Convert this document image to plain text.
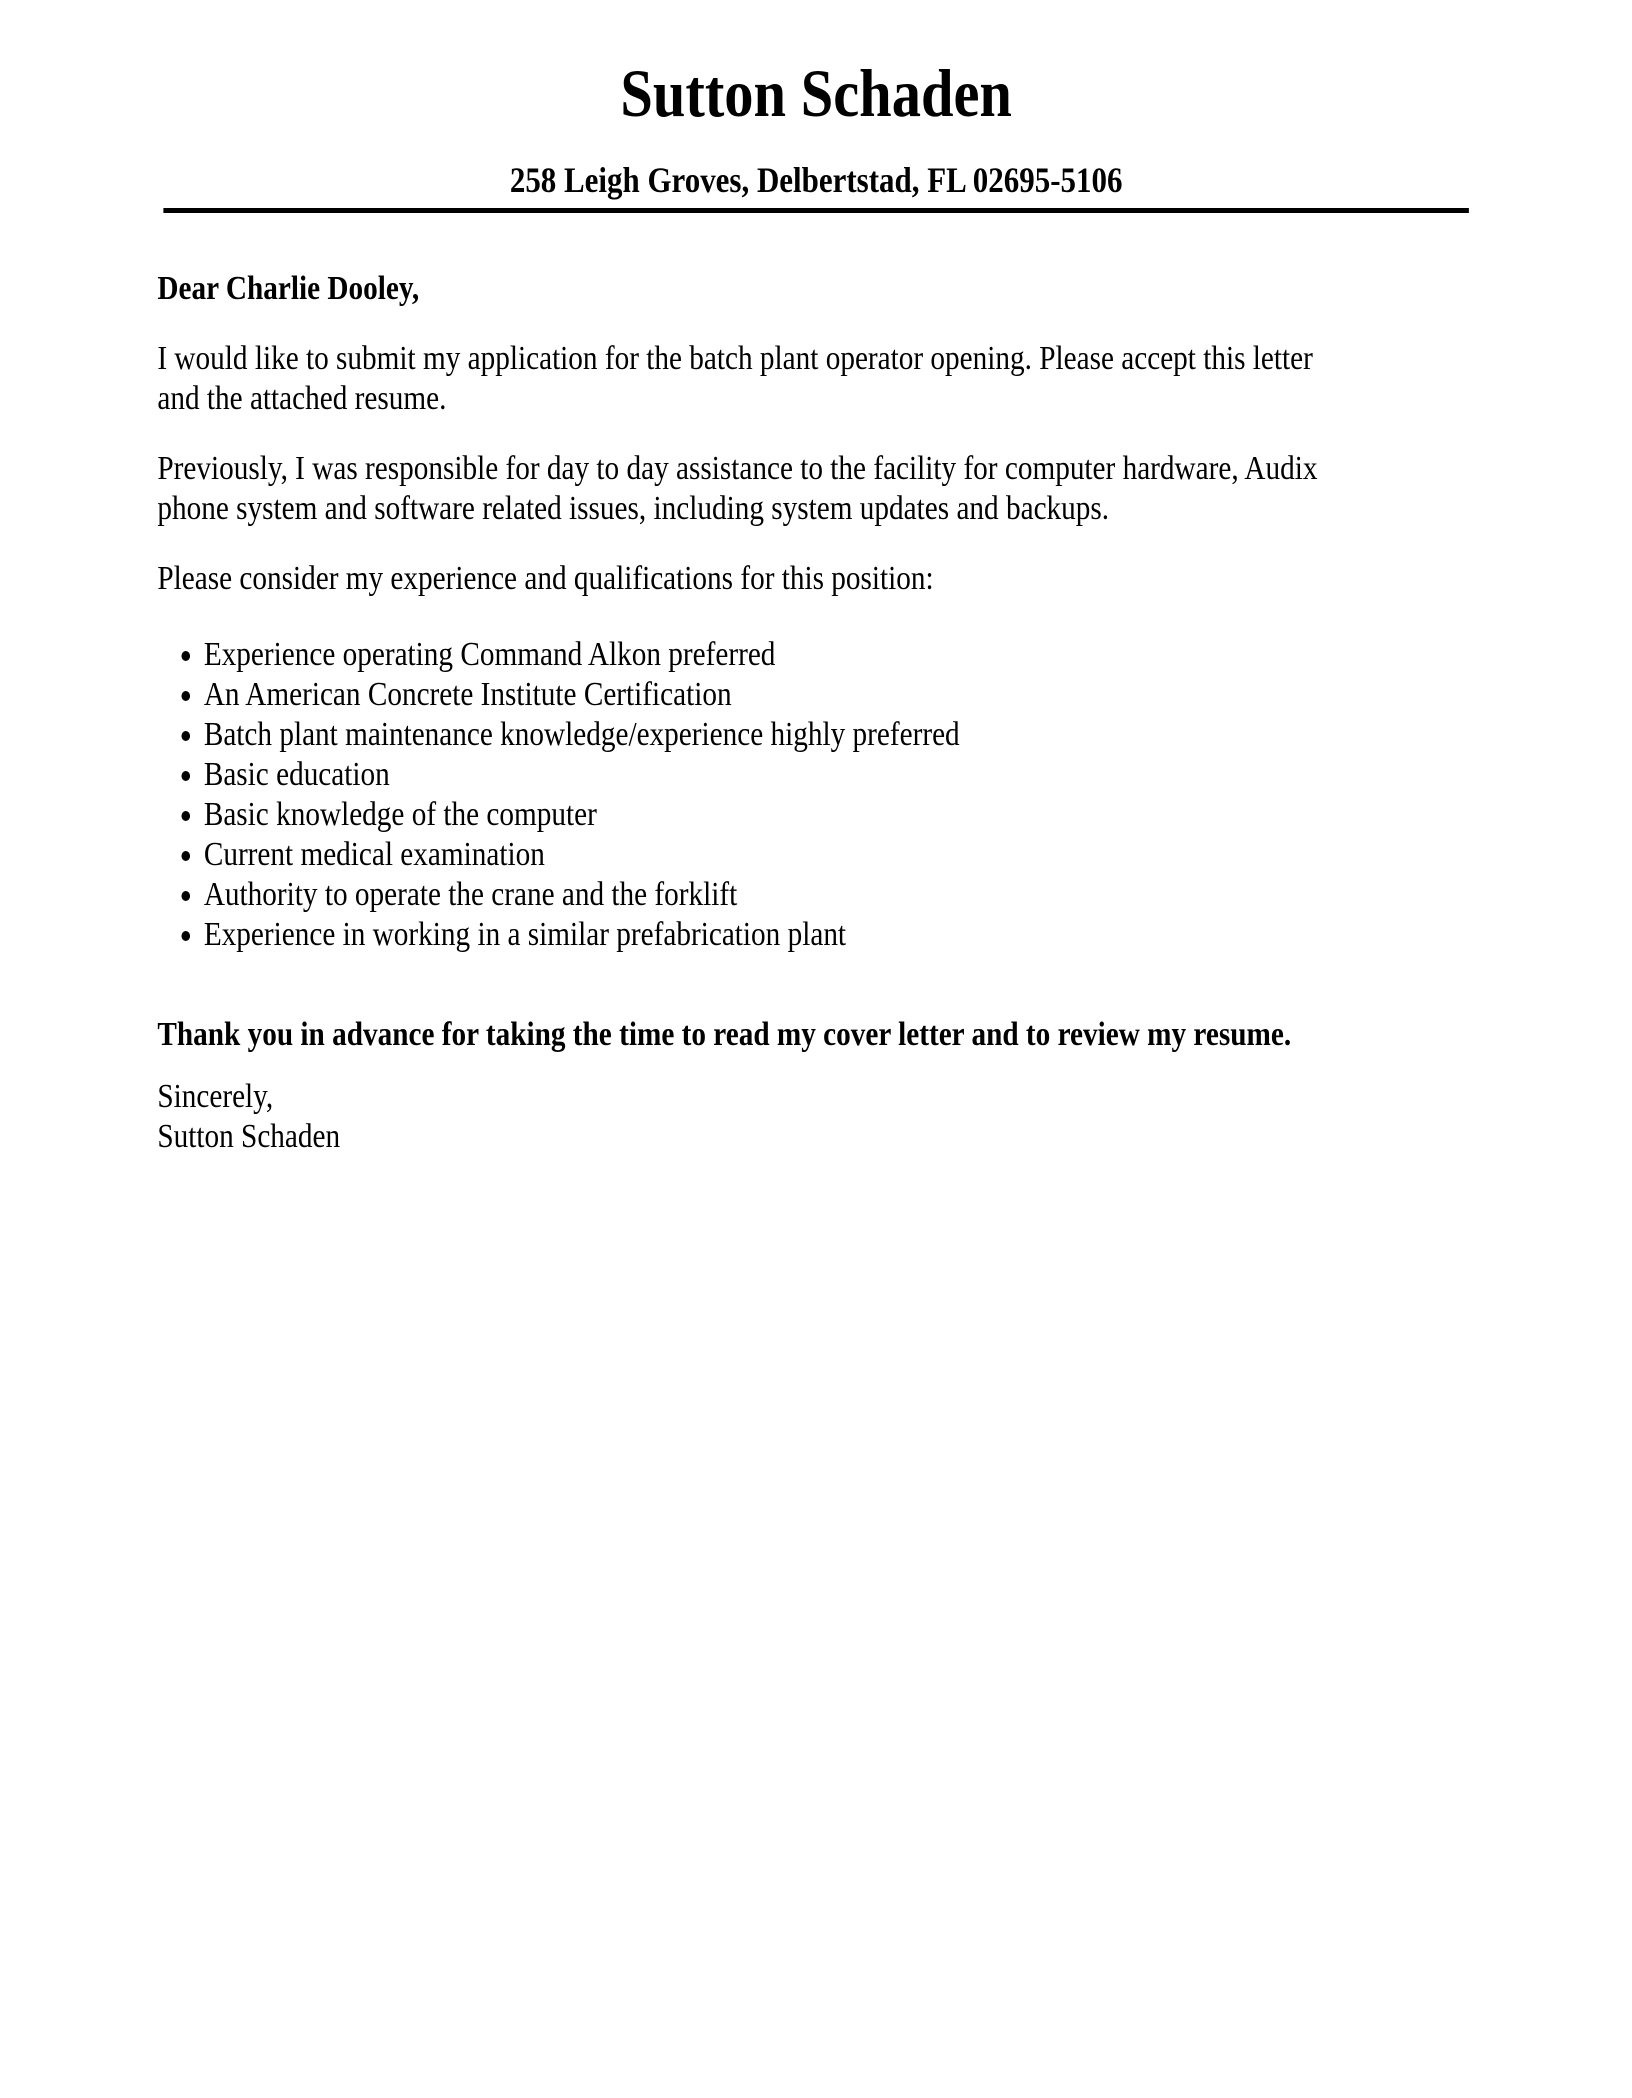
Sutton Schaden
258 Leigh Groves, Delbertstad, FL 02695-5106
Dear Charlie Dooley,

I would like to submit my application for the batch plant operator opening. Please accept this letter
and the attached resume.

Previously, I was responsible for day to day assistance to the facility for computer hardware, Audix
phone system and software related issues, including system updates and backups.

Please consider my experience and qualifications for this position:

• Experience operating Command Alkon preferred
• An American Concrete Institute Certification
• Batch plant maintenance knowledge/experience highly preferred
• Basic education
• Basic knowledge of the computer
• Current medical examination
• Authority to operate the crane and the forklift
• Experience in working in a similar prefabrication plant
Thank you in advance for taking the time to read my cover letter and to review my resume.
Sincerely,
Sutton Schaden
